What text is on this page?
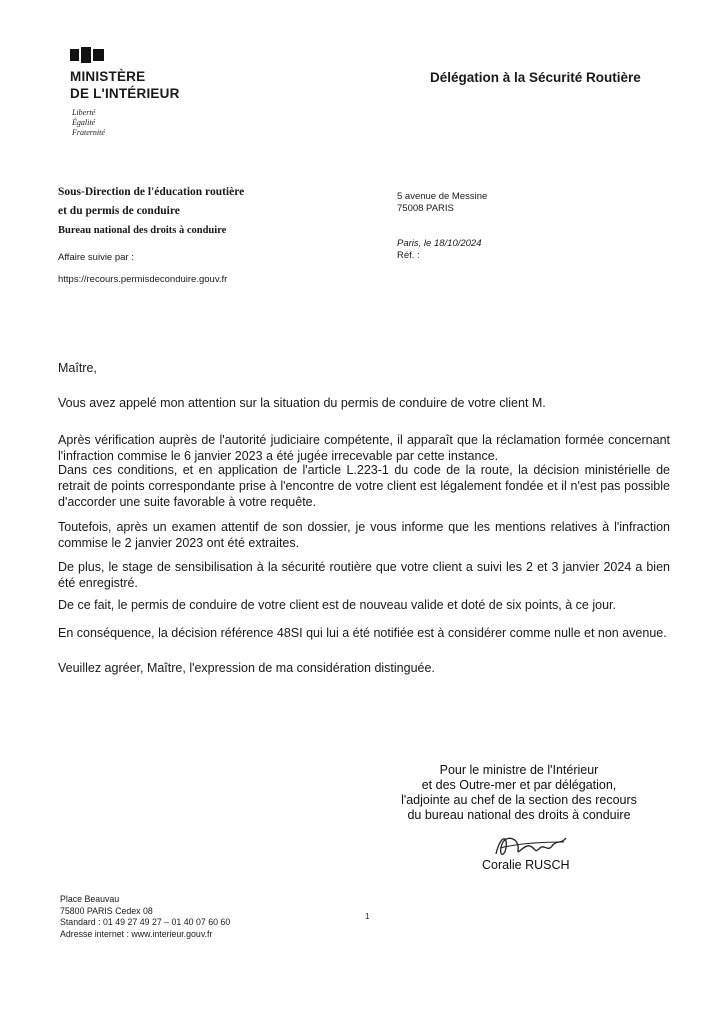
MINISTÈRE
DE L'INTÉRIEUR
Liberté
Égalité
Fraternité
Délégation à la Sécurité Routière
Sous-Direction de l'éducation routière
et du permis de conduire
Bureau national des droits à conduire
Affaire suivie par :
https://recours.permisdeconduire.gouv.fr
5 avenue de Messine
75008 PARIS
Paris, le 18/10/2024
Réf. :
Maître,
Vous avez appelé mon attention sur la situation du permis de conduire de votre client M.
Après vérification auprès de l'autorité judiciaire compétente, il apparaît que la réclamation formée concernant l'infraction commise le 6 janvier 2023 a été jugée irrecevable par cette instance.
Dans ces conditions, et en application de l'article L.223-1 du code de la route, la décision ministérielle de retrait de points correspondante prise à l'encontre de votre client est légalement fondée et il n'est pas possible d'accorder une suite favorable à votre requête.
Toutefois, après un examen attentif de son dossier, je vous informe que les mentions relatives à l'infraction commise le 2 janvier 2023 ont été extraites.
De plus, le stage de sensibilisation à la sécurité routière que votre client a suivi les 2 et 3 janvier 2024 a bien été enregistré.
De ce fait, le permis de conduire de votre client est de nouveau valide et doté de six points, à ce jour.
En conséquence, la décision référence 48SI qui lui a été notifiée est à considérer comme nulle et non avenue.
Veuillez agréer, Maître, l'expression de ma considération distinguée.
Pour le ministre de l'Intérieur
et des Outre-mer et par délégation,
l'adjointe au chef de la section des recours
du bureau national des droits à conduire
Coralie RUSCH
Place Beauvau
75800 PARIS Cedex 08
Standard : 01 49 27 49 27 – 01 40 07 60 60
Adresse internet : www.interieur.gouv.fr
1
